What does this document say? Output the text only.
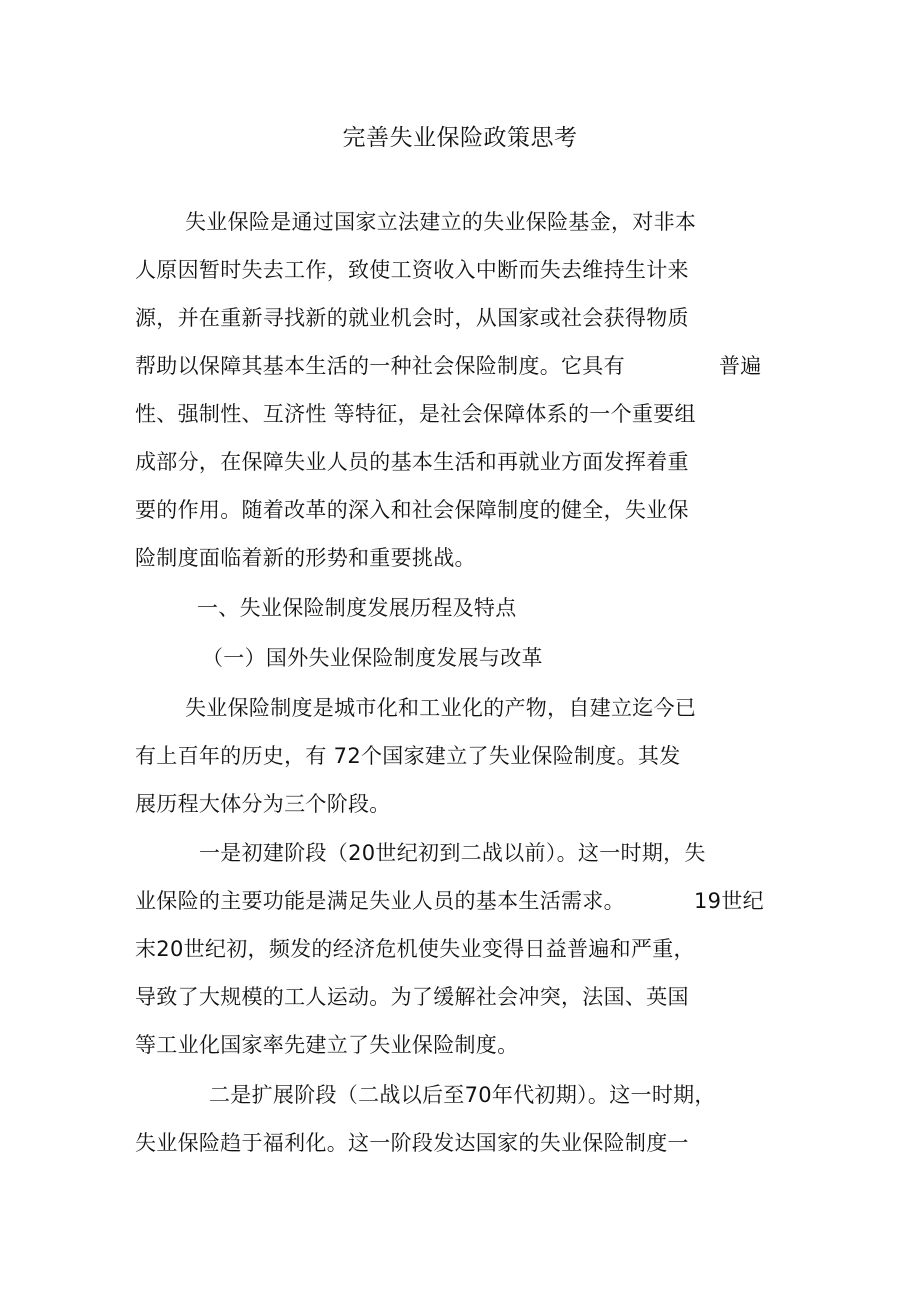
完善失业保险政策思考
失业保险是通过国家立法建立的失业保险基金，对非本
人原因暂时失去工作，致使工资收入中断而失去维持生计来
源，并在重新寻找新的就业机会时，从国家或社会获得物质
帮助以保障其基本生活的一种社会保险制度。它具有	普遍
性、强制性、互济性 等特征，是社会保障体系的一个重要组
成部分，在保障失业人员的基本生活和再就业方面发挥着重
要的作用。随着改革的深入和社会保障制度的健全，失业保
险制度面临着新的形势和重要挑战。
一、失业保险制度发展历程及特点
（一）国外失业保险制度发展与改革
失业保险制度是城市化和工业化的产物，自建立迄今已
有上百年的历史，有 72个国家建立了失业保险制度。其发
展历程大体分为三个阶段。
一是初建阶段（20世纪初到二战以前）。这一时期，失
业保险的主要功能是满足失业人员的基本生活需求。	19世纪
末20世纪初，频发的经济危机使失业变得日益普遍和严重，
导致了大规模的工人运动。为了缓解社会冲突，法国、英国
等工业化国家率先建立了失业保险制度。
二是扩展阶段（二战以后至70年代初期）。这一时期，
失业保险趋于福利化。这一阶段发达国家的失业保险制度一
